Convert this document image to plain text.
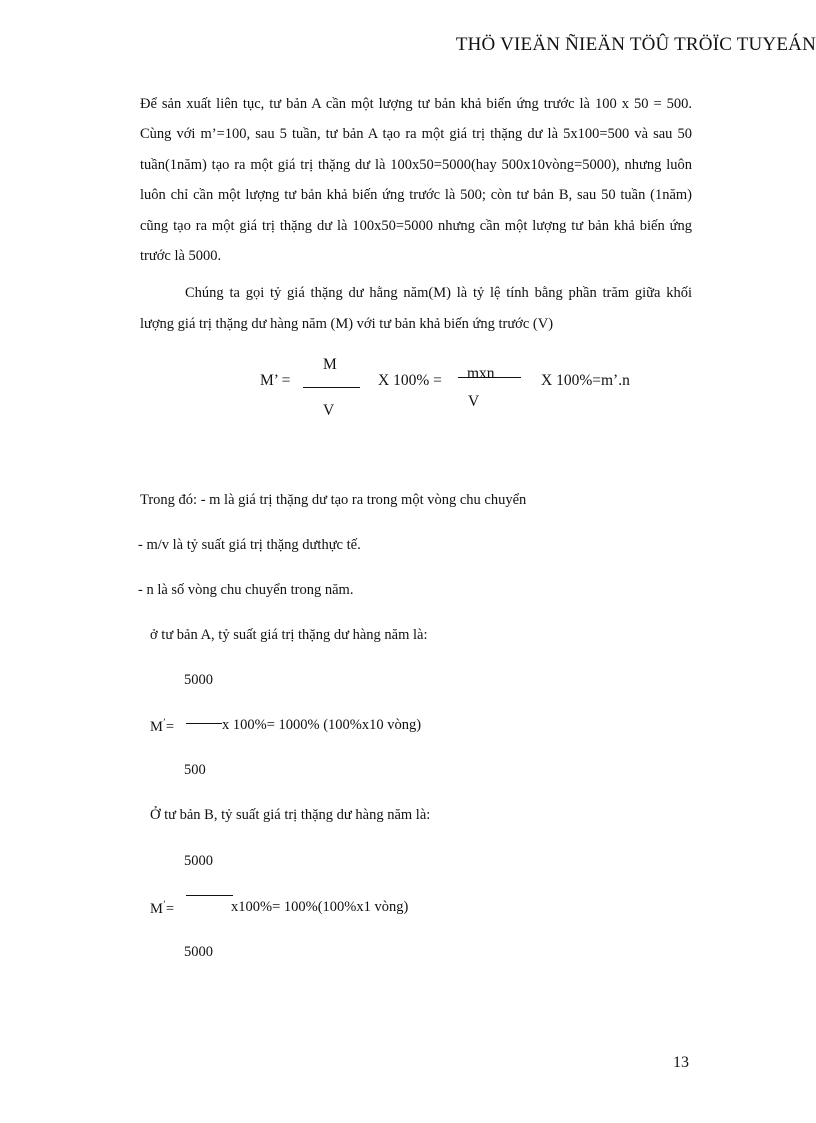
THÖ VIEÄN ÑIEÄN TÖÛ TRÖÏC TUYEÁN
Để sản xuất liên tục, tư bản A cần một lượng tư bản khả biến ứng trước là 100 x 50 = 500. Cùng với m’=100, sau 5 tuần, tư bản A tạo ra một giá trị thặng dư là 5x100=500 và sau 50 tuần(1năm) tạo ra một giá trị thặng dư là 100x50=5000(hay 500x10vòng=5000), nhưng luôn luôn chỉ cần một lượng tư bản khả biến ứng trước là 500; còn tư bản B, sau 50 tuần (1năm) cũng tạo ra một giá trị thặng dư là 100x50=5000 nhưng cần một lượng tư bản khả biến ứng trước là 5000.
Chúng ta gọi tỷ giá thặng dư hằng năm(M) là tỷ lệ tính bằng phần trăm giữa khối lượng giá trị thặng dư hàng năm (M) với tư bản khả biến ứng trước (V)
M’ =
M
V
X 100% = mxn
V
X 100%=m’.n
Trong đó: - m là giá trị thặng dư tạo ra trong một vòng chu chuyển
- m/v là tỷ suất giá trị thặng dưthực tế.
- n là số vòng chu chuyển trong năm.
ở tư bản A, tỷ suất giá trị thặng dư hàng năm là:
5000
M’=	x 100%= 1000% (100%x10 vòng)
500
Ở tư bản B, tỷ suất giá trị thặng dư hàng năm là:
5000
M’=	x100%= 100%(100%x1 vòng)
5000
13
